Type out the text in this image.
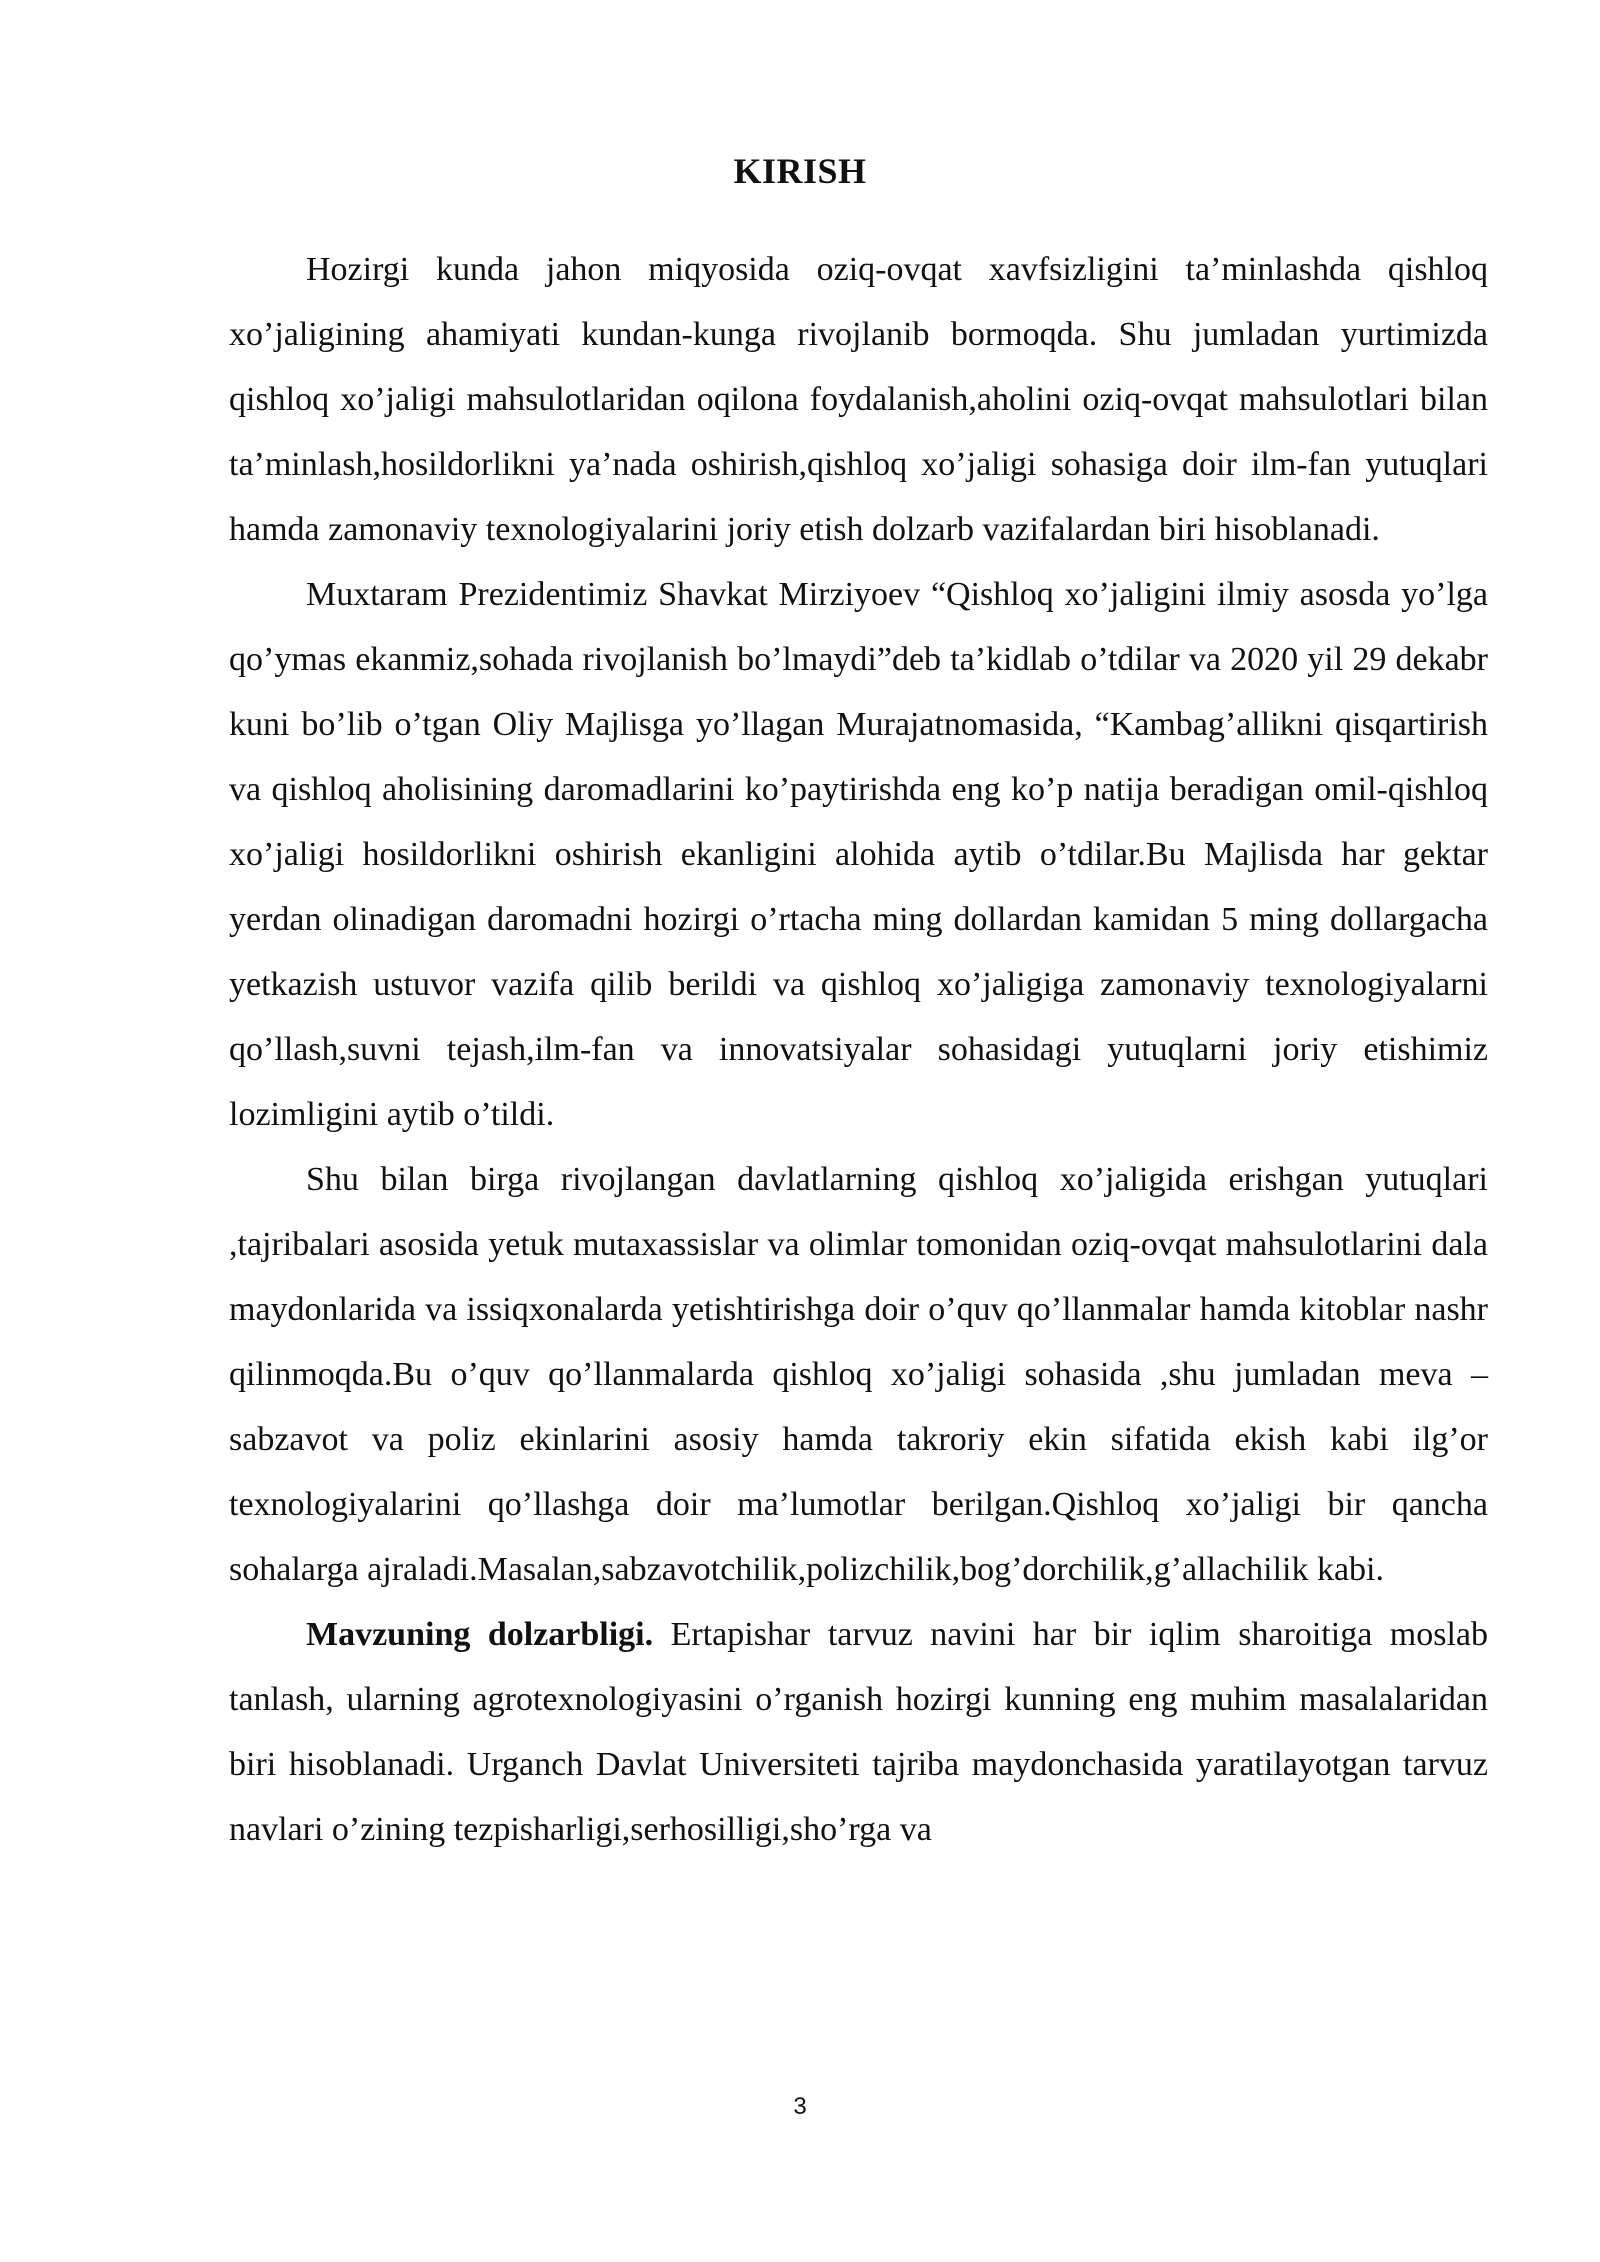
KIRISH

Hozirgi kunda jahon miqyosida oziq-ovqat xavfsizligini ta’minlashda qishloq xo’jaligining ahamiyati kundan-kunga rivojlanib bormoqda. Shu jumladan yurtimizda qishloq xo’jaligi mahsulotlaridan oqilona foydalanish,aholini oziq-ovqat mahsulotlari bilan ta’minlash,hosildorlikni ya’nada oshirish,qishloq xo’jaligi sohasiga doir ilm-fan yutuqlari hamda zamonaviy texnologiyalarini joriy etish dolzarb vazifalardan biri hisoblanadi.

Muxtaram Prezidentimiz Shavkat Mirziyoev “Qishloq xo’jaligini ilmiy asosda yo’lga qo’ymas ekanmiz,sohada rivojlanish bo’lmaydi”deb ta’kidlab o’tdilar va 2020 yil 29 dekabr kuni bo’lib o’tgan Oliy Majlisga yo’llagan Murajatnomasida, “Kambag’allikni qisqartirish va qishloq aholisining daromadlarini ko’paytirishda eng ko’p natija beradigan omil-qishloq xo’jaligi hosildorlikni oshirish ekanligini alohida aytib o’tdilar.Bu Majlisda har gektar yerdan olinadigan daromadni hozirgi o’rtacha ming dollardan kamidan 5 ming dollargacha yetkazish ustuvor vazifa qilib berildi va qishloq xo’jaligiga zamonaviy texnologiyalarni qo’llash,suvni tejash,ilm-fan va innovatsiyalar sohasidagi yutuqlarni joriy etishimiz lozimligini aytib o’tildi.

Shu bilan birga rivojlangan davlatlarning qishloq xo’jaligida erishgan yutuqlari ,tajribalari asosida yetuk mutaxassislar va olimlar tomonidan oziq-ovqat mahsulotlarini dala maydonlarida va issiqxonalarda yetishtirishga doir o’quv qo’llanmalar hamda kitoblar nashr qilinmoqda.Bu o’quv qo’llanmalarda qishloq xo’jaligi sohasida ,shu jumladan meva –sabzavot va poliz ekinlarini asosiy hamda takroriy ekin sifatida ekish kabi ilg’or texnologiyalarini qo’llashga doir ma’lumotlar berilgan.Qishloq xo’jaligi bir qancha sohalarga ajraladi.Masalan,sabzavotchilik,polizchilik,bog’dorchilik,g’allachilik kabi.

Mavzuning dolzarbligi. Ertapishar tarvuz navini har bir iqlim sharoitiga moslab tanlash, ularning agrotexnologiyasini o’rganish hozirgi kunning eng muhim masalalaridan biri hisoblanadi. Urganch Davlat Universiteti tajriba maydonchasida yaratilayotgan tarvuz navlari o’zining tezpisharligi,serhosilligi,sho’rga va

3
